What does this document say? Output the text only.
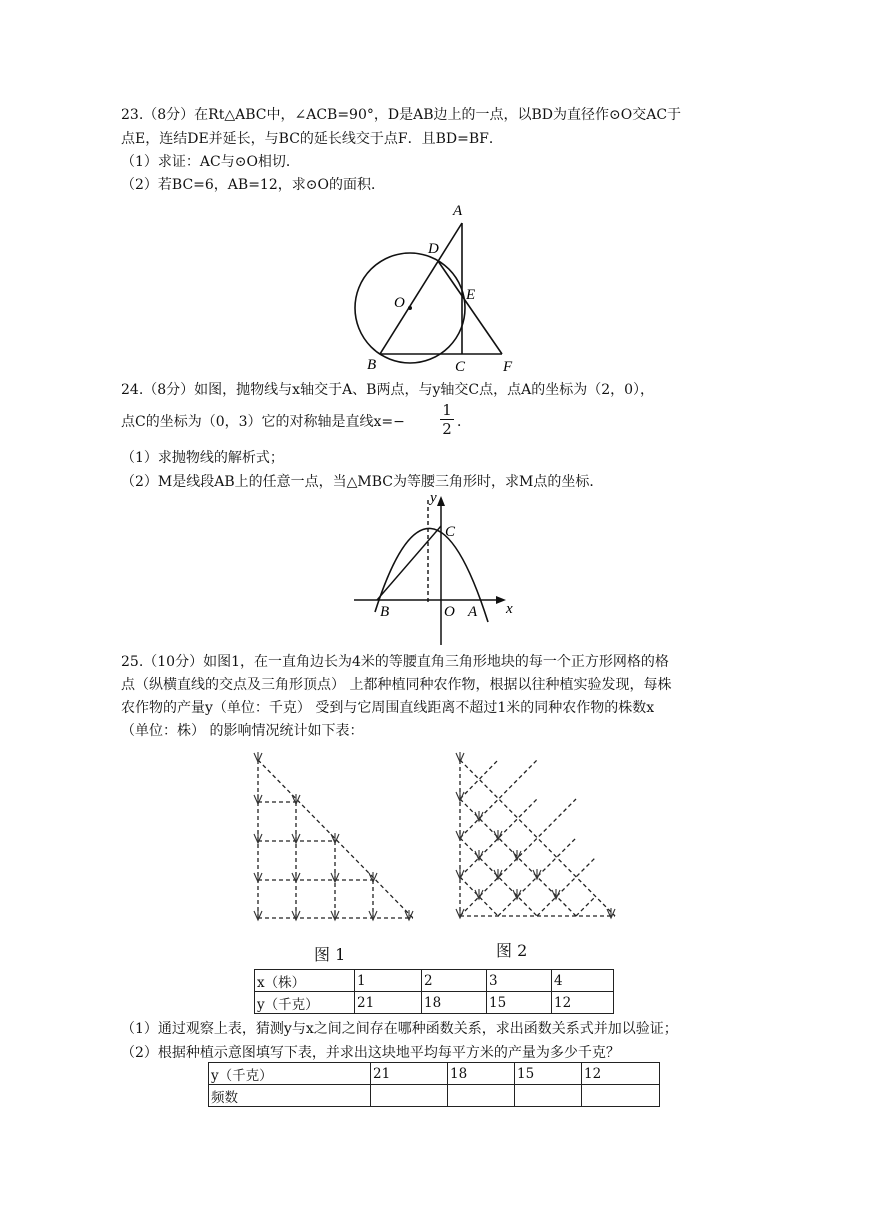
23.（8分）在Rt△ABC中，∠ACB=90°，D是AB边上的一点，以BD为直径作⊙O交AC于
点E，连结DE并延长，与BC的延长线交于点F．且BD=BF．
（1）求证：AC与⊙O相切．
（2）若BC=6，AB=12，求⊙O的面积．
A
D
O	E
B	C	F
24.（8分）如图，抛物线与x轴交于A、B两点，与y轴交C点，点A的坐标为（2，0），
点C的坐标为（0，3）它的对称轴是直线x=−
1
2 ．
（1）求抛物线的解析式；
（2）M是线段AB上的任意一点，当△MBC为等腰三角形时，求M点的坐标．
y
C
B	O A x
25.（10分）如图1，在一直角边长为4米的等腰直角三角形地块的每一个正方形网格的格
点（纵横直线的交点及三角形顶点） 上都种植同种农作物，根据以往种植实验发现，每株
农作物的产量y（单位：千克） 受到与它周围直线距离不超过1米的同种农作物的株数x
（单位：株） 的影响情况统计如下表：
图 1	图 2
x（株）	1	2	3	4
y（千克）	21	18	15	12
（1）通过观察上表，猜测y与x之间之间存在哪种函数关系，求出函数关系式并加以验证；
（2）根据种植示意图填写下表，并求出这块地平均每平方米的产量为多少千克？
y（千克）	21	18	15	12
频数				
